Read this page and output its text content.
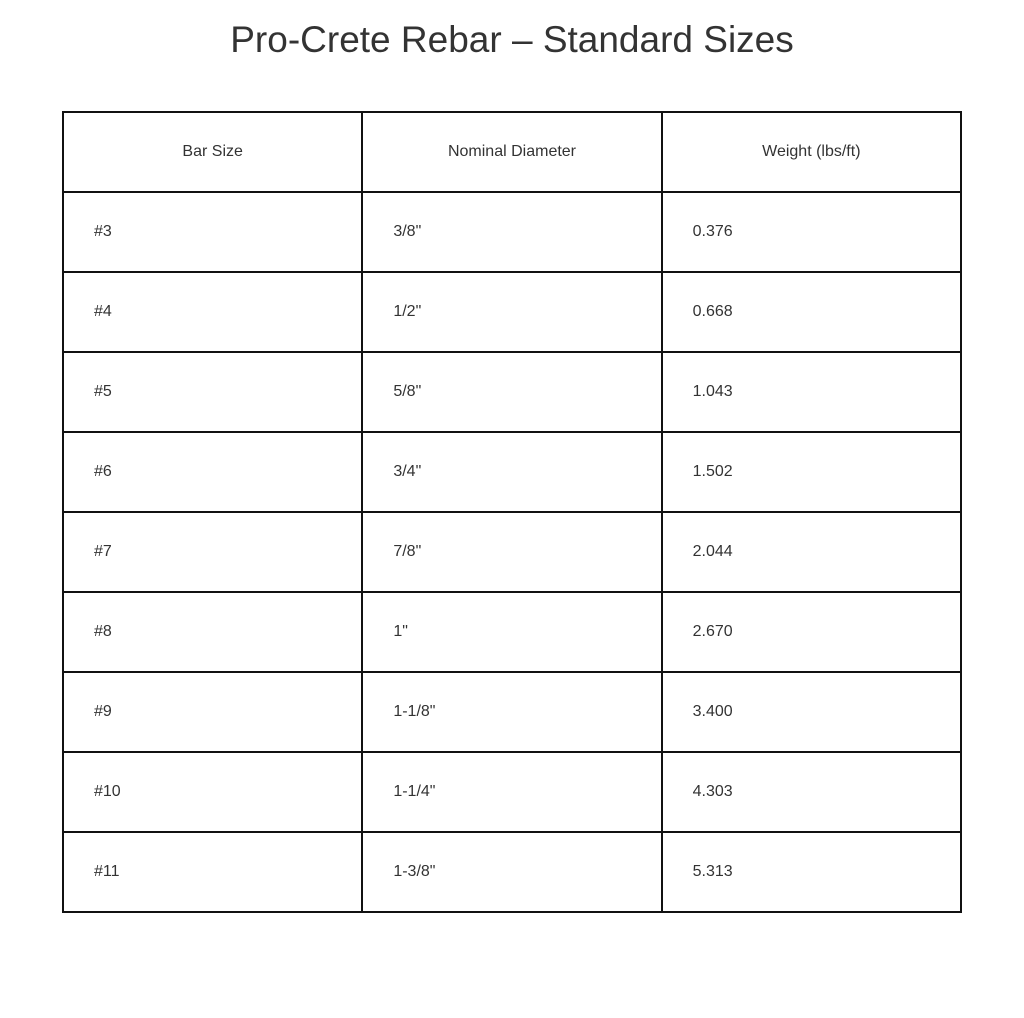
Pro-Crete Rebar – Standard Sizes
Bar Size	Nominal Diameter	Weight (lbs/ft)
#3	3/8"	0.376
#4	1/2"	0.668
#5	5/8"	1.043
#6	3/4"	1.502
#7	7/8"	2.044
#8	1"	2.670
#9	1-1/8"	3.400
#10	1-1/4"	4.303
#11	1-3/8"	5.313
